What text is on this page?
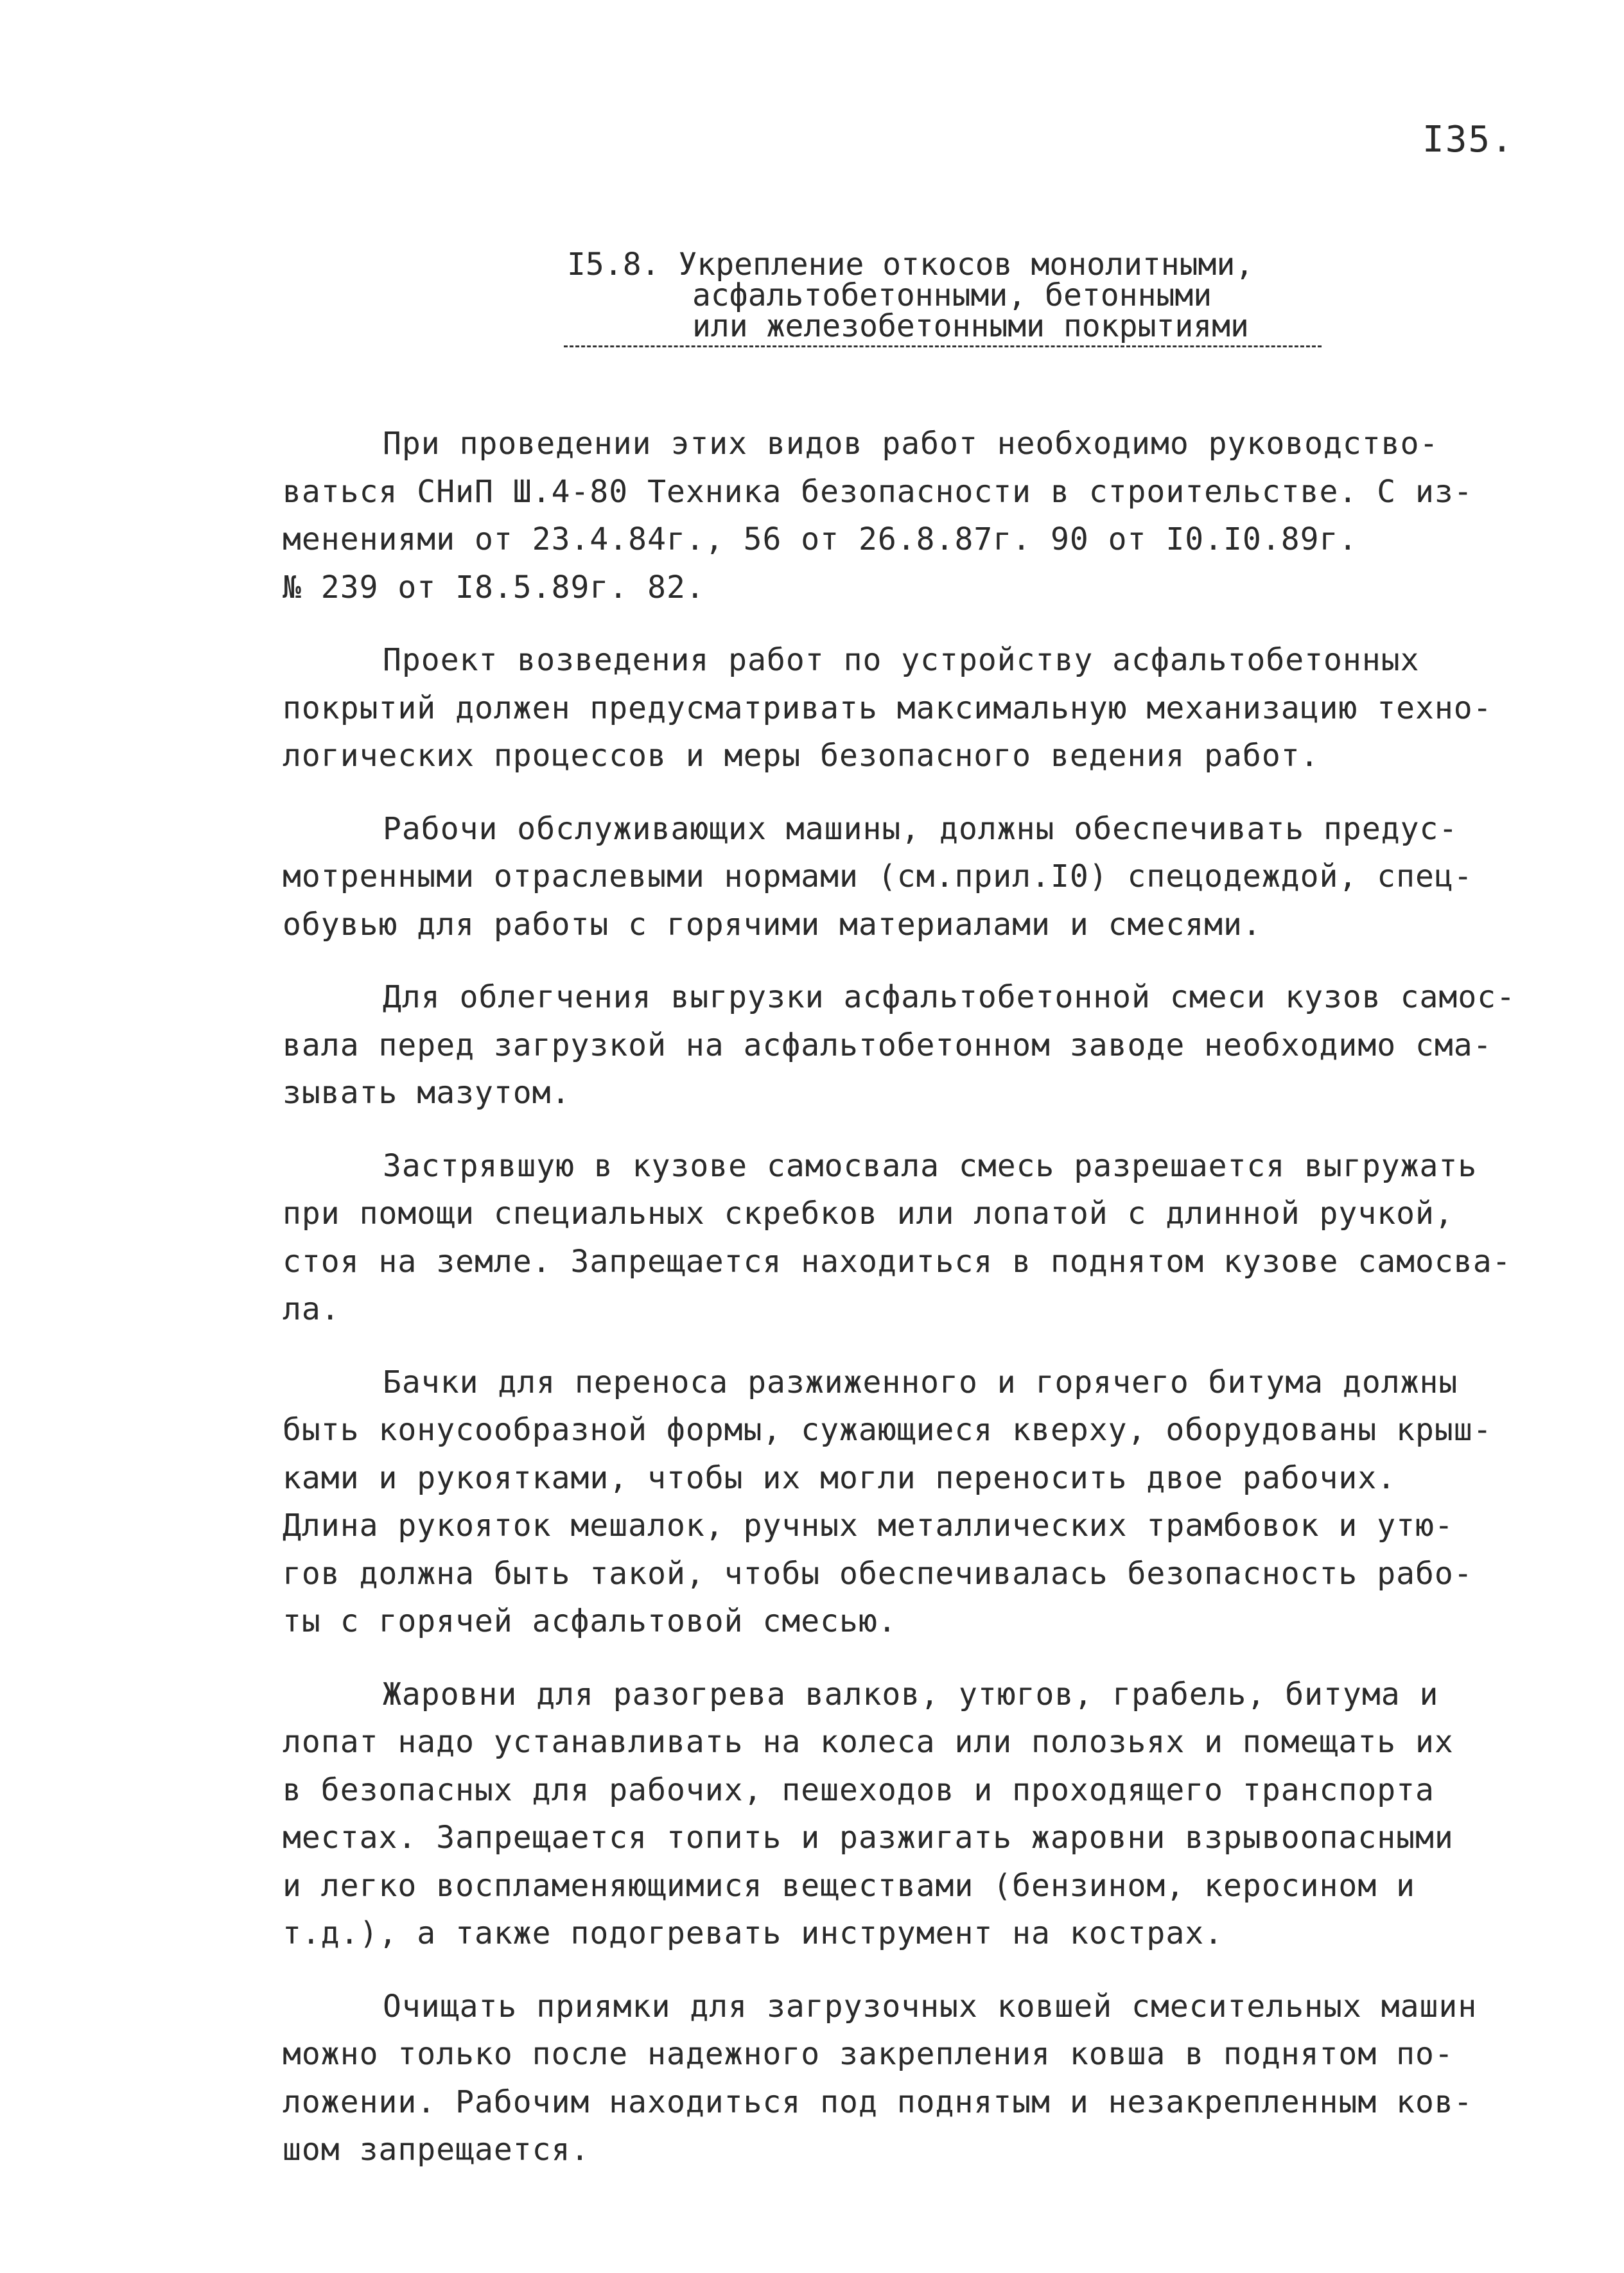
I35.
I5.8. Укрепление откосов монолитными,
асфальтобетонными, бетонными
или железобетонными покрытиями
При проведении этих видов работ необходимо руководство-
ваться СНиП Ш.4-80 Техника безопасности в строительстве. С из-
менениями от 23.4.84г., 56 от 26.8.87г. 90 от I0.I0.89г.
№ 239 от I8.5.89г. 82.
Проект возведения работ по устройству асфальтобетонных
покрытий должен предусматривать максимальную механизацию техно-
логических процессов и меры безопасного ведения работ.
Рабочи обслуживающих машины, должны обеспечивать предус-
мотренными отраслевыми нормами (см.прил.I0) спецодеждой, спец-
обувью для работы с горячими материалами и смесями.
Для облегчения выгрузки асфальтобетонной смеси кузов самос-
вала перед загрузкой на асфальтобетонном заводе необходимо сма-
зывать мазутом.
Застрявшую в кузове самосвала смесь разрешается выгружать
при помощи специальных скребков или лопатой с длинной ручкой,
стоя на земле. Запрещается находиться в поднятом кузове самосва-
ла.
Бачки для переноса разжиженного и горячего битума должны
быть конусообразной формы, сужающиеся кверху, оборудованы крыш-
ками и рукоятками, чтобы их могли переносить двое рабочих.
Длина рукояток мешалок, ручных металлических трамбовок и утю-
гов должна быть такой, чтобы обеспечивалась безопасность рабо-
ты с горячей асфальтовой смесью.
Жаровни для разогрева валков, утюгов, грабель, битума и
лопат надо устанавливать на колеса или полозьях и помещать их
в безопасных для рабочих, пешеходов и проходящего транспорта
местах. Запрещается топить и разжигать жаровни взрывоопасными
и легко воспламеняющимися веществами (бензином, керосином и
т.д.), а также подогревать инструмент на кострах.
Очищать приямки для загрузочных ковшей смесительных машин
можно только после надежного закрепления ковша в поднятом по-
ложении. Рабочим находиться под поднятым и незакрепленным ков-
шом запрещается.
